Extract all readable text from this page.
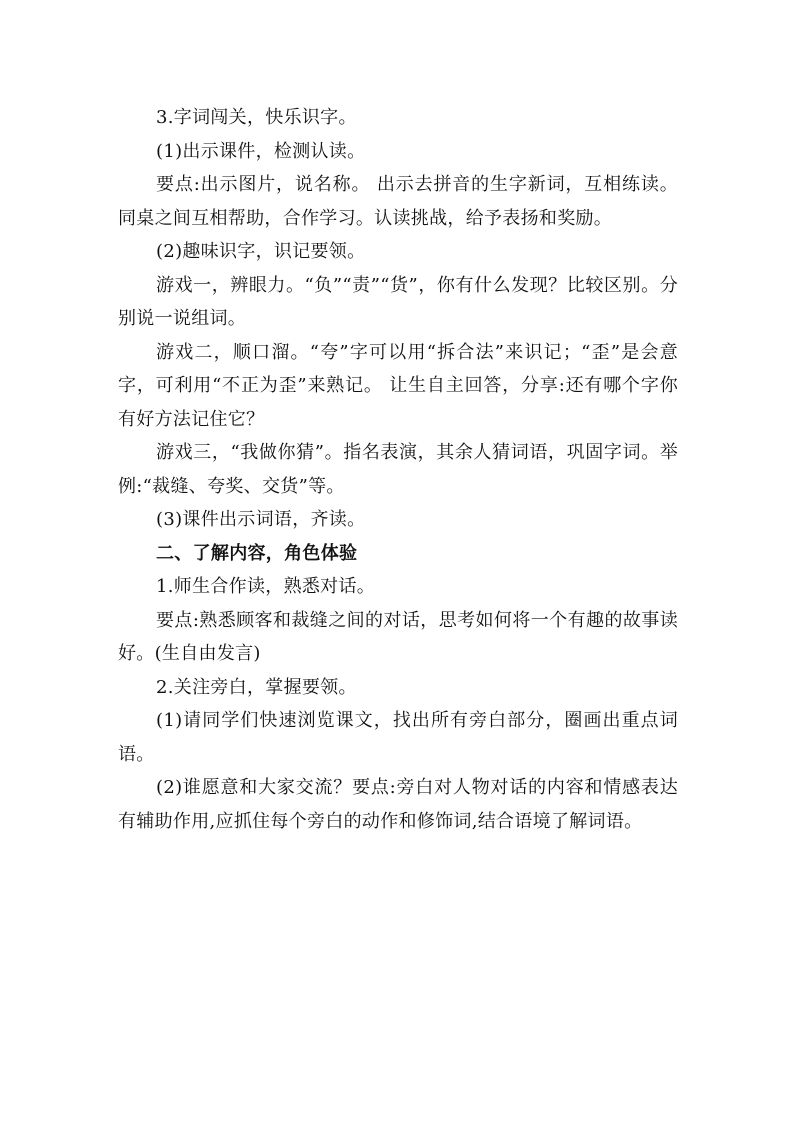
3.字词闯关，快乐识字。

(1)出示课件，检测认读。

要点:出示图片，说名称。 出示去拼音的生字新词，互相练读。同桌之间互相帮助，合作学习。认读挑战，给予表扬和奖励。

(2)趣味识字，识记要领。

游戏一，辨眼力。“负”“责”“货”，你有什么发现？比较区别。分别说一说组词。

游戏二，顺口溜。“夸”字可以用“拆合法”来识记；“歪”是会意字，可利用“不正为歪”来熟记。 让生自主回答，分享:还有哪个字你有好方法记住它？

游戏三，“我做你猜”。指名表演，其余人猜词语，巩固字词。举例:“裁缝、夸奖、交货”等。

(3)课件出示词语，齐读。

二、了解内容，角色体验

1.师生合作读，熟悉对话。

要点:熟悉顾客和裁缝之间的对话，思考如何将一个有趣的故事读好。(生自由发言)

2.关注旁白，掌握要领。

(1)请同学们快速浏览课文，找出所有旁白部分，圈画出重点词语。

(2)谁愿意和大家交流？要点:旁白对人物对话的内容和情感表达有辅助作用,应抓住每个旁白的动作和修饰词,结合语境了解词语。
